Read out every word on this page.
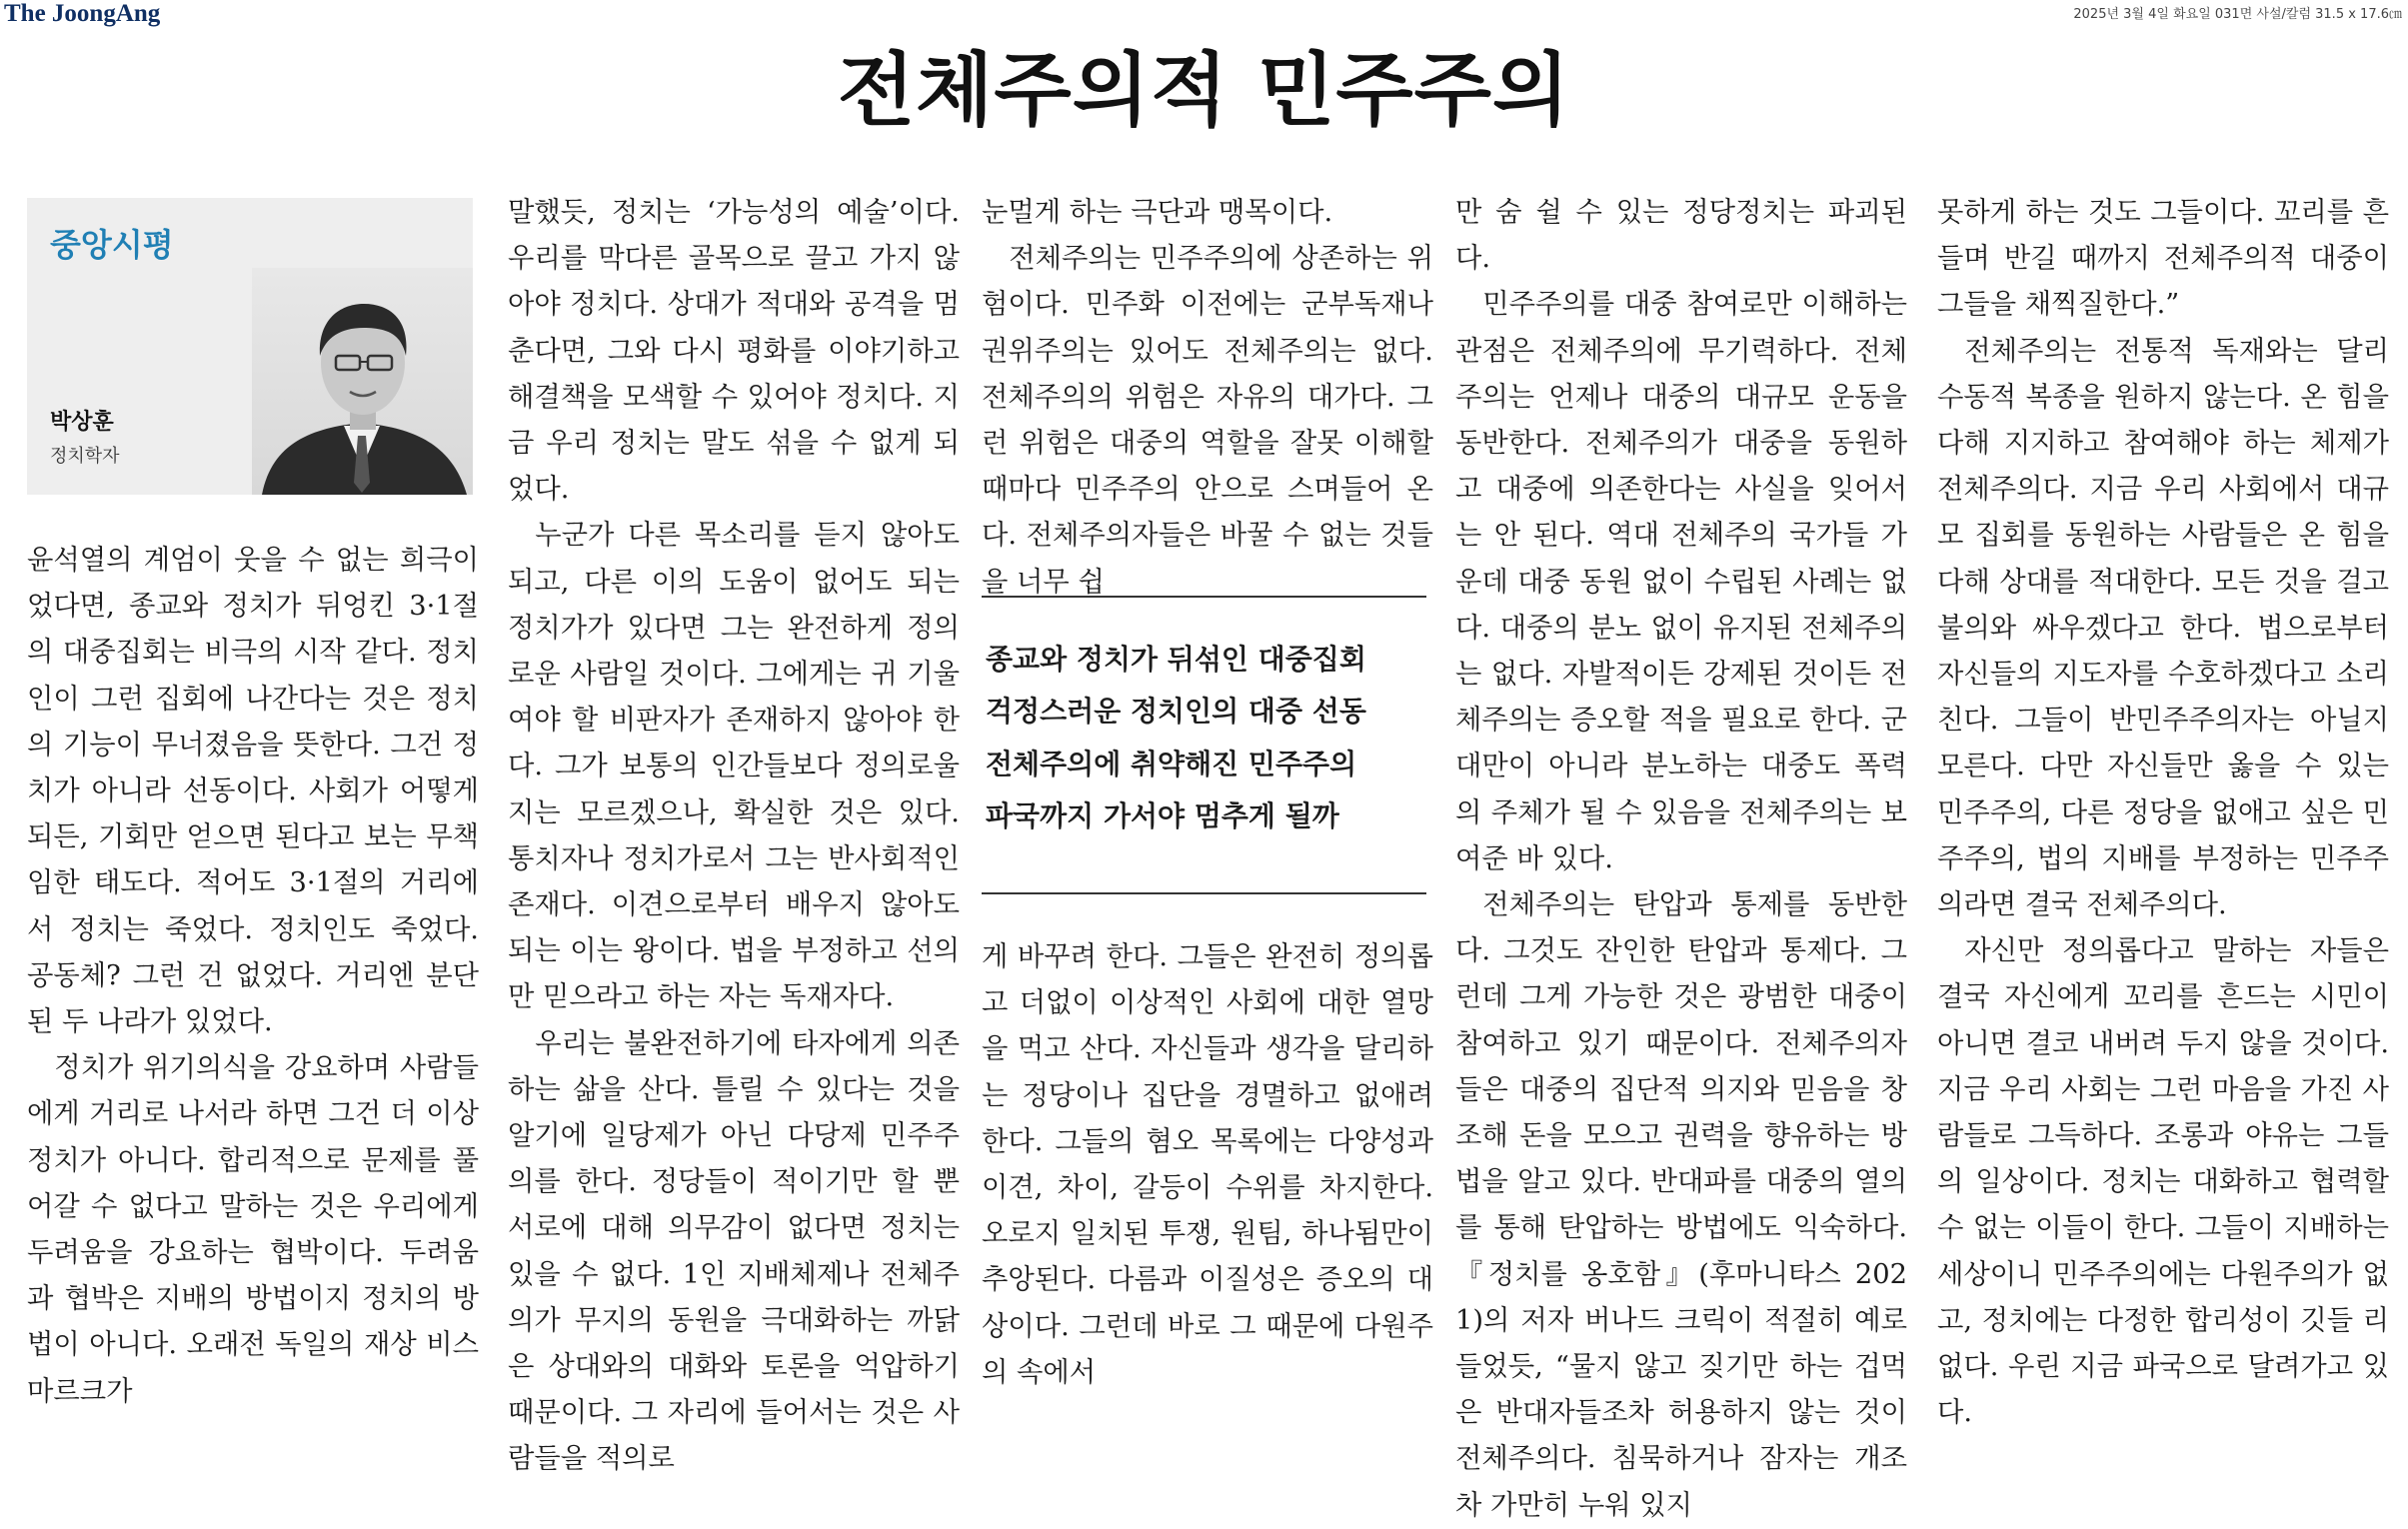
The JoongAng	2025년 3월 4일 화요일 031면 사설/칼럼 31.5 x 17.6㎝
전체주의적 민주주의
중앙시평
박상훈
정치학자

윤석열의 계엄이 웃을 수 없는 희극이었다면, 종교와 정치가 뒤엉킨 3·1절의 대중집회는 비극의 시작 같다. 정치인이 그런 집회에 나간다는 것은 정치의 기능이 무너졌음을 뜻한다. 그건 정치가 아니라 선동이다. 사회가 어떻게 되든, 기회만 얻으면 된다고 보는 무책임한 태도다. 적어도 3·1절의 거리에서 정치는 죽었다. 정치인도 죽었다. 공동체? 그런 건 없었다. 거리엔 분단된 두 나라가 있었다.

정치가 위기의식을 강요하며 사람들에게 거리로 나서라 하면 그건 더 이상 정치가 아니다. 합리적으로 문제를 풀어갈 수 없다고 말하는 것은 우리에게 두려움을 강요하는 협박이다. 두려움과 협박은 지배의 방법이지 정치의 방법이 아니다. 오래전 독일의 재상 비스마르크가

말했듯, 정치는 ‘가능성의 예술’이다. 우리를 막다른 골목으로 끌고 가지 않아야 정치다. 상대가 적대와 공격을 멈춘다면, 그와 다시 평화를 이야기하고 해결책을 모색할 수 있어야 정치다. 지금 우리 정치는 말도 섞을 수 없게 되었다.

누군가 다른 목소리를 듣지 않아도 되고, 다른 이의 도움이 없어도 되는 정치가가 있다면 그는 완전하게 정의로운 사람일 것이다. 그에게는 귀 기울여야 할 비판자가 존재하지 않아야 한다. 그가 보통의 인간들보다 정의로울지는 모르겠으나, 확실한 것은 있다. 통치자나 정치가로서 그는 반사회적인 존재다. 이견으로부터 배우지 않아도 되는 이는 왕이다. 법을 부정하고 선의만 믿으라고 하는 자는 독재자다.

우리는 불완전하기에 타자에게 의존하는 삶을 산다. 틀릴 수 있다는 것을 알기에 일당제가 아닌 다당제 민주주의를 한다. 정당들이 적이기만 할 뿐 서로에 대해 의무감이 없다면 정치는 있을 수 없다. 1인 지배체제나 전체주의가 무지의 동원을 극대화하는 까닭은 상대와의 대화와 토론을 억압하기 때문이다. 그 자리에 들어서는 것은 사람들을 적의로

눈멀게 하는 극단과 맹목이다.

전체주의는 민주주의에 상존하는 위험이다. 민주화 이전에는 군부독재나 권위주의는 있어도 전체주의는 없다. 전체주의의 위험은 자유의 대가다. 그런 위험은 대중의 역할을 잘못 이해할 때마다 민주주의 안으로 스며들어 온다. 전체주의자들은 바꿀 수 없는 것들을 너무 쉽

종교와 정치가 뒤섞인 대중집회
걱정스러운 정치인의 대중 선동
전체주의에 취약해진 민주주의
파국까지 가서야 멈추게 될까

게 바꾸려 한다. 그들은 완전히 정의롭고 더없이 이상적인 사회에 대한 열망을 먹고 산다. 자신들과 생각을 달리하는 정당이나 집단을 경멸하고 없애려 한다. 그들의 혐오 목록에는 다양성과 이견, 차이, 갈등이 수위를 차지한다. 오로지 일치된 투쟁, 원팀, 하나됨만이 추앙된다. 다름과 이질성은 증오의 대상이다. 그런데 바로 그 때문에 다원주의 속에서

만 숨 쉴 수 있는 정당정치는 파괴된다.

민주주의를 대중 참여로만 이해하는 관점은 전체주의에 무기력하다. 전체주의는 언제나 대중의 대규모 운동을 동반한다. 전체주의가 대중을 동원하고 대중에 의존한다는 사실을 잊어서는 안 된다. 역대 전체주의 국가들 가운데 대중 동원 없이 수립된 사례는 없다. 대중의 분노 없이 유지된 전체주의는 없다. 자발적이든 강제된 것이든 전체주의는 증오할 적을 필요로 한다. 군대만이 아니라 분노하는 대중도 폭력의 주체가 될 수 있음을 전체주의는 보여준 바 있다.

전체주의는 탄압과 통제를 동반한다. 그것도 잔인한 탄압과 통제다. 그런데 그게 가능한 것은 광범한 대중이 참여하고 있기 때문이다. 전체주의자들은 대중의 집단적 의지와 믿음을 창조해 돈을 모으고 권력을 향유하는 방법을 알고 있다. 반대파를 대중의 열의를 통해 탄압하는 방법에도 익숙하다. 『정치를 옹호함』(후마니타스 2021)의 저자 버나드 크릭이 적절히 예로 들었듯, “물지 않고 짖기만 하는 겁먹은 반대자들조차 허용하지 않는 것이 전체주의다. 침묵하거나 잠자는 개조차 가만히 누워 있지

못하게 하는 것도 그들이다. 꼬리를 흔들며 반길 때까지 전체주의적 대중이 그들을 채찍질한다.”

전체주의는 전통적 독재와는 달리 수동적 복종을 원하지 않는다. 온 힘을 다해 지지하고 참여해야 하는 체제가 전체주의다. 지금 우리 사회에서 대규모 집회를 동원하는 사람들은 온 힘을 다해 상대를 적대한다. 모든 것을 걸고 불의와 싸우겠다고 한다. 법으로부터 자신들의 지도자를 수호하겠다고 소리친다. 그들이 반민주주의자는 아닐지 모른다. 다만 자신들만 옳을 수 있는 민주주의, 다른 정당을 없애고 싶은 민주주의, 법의 지배를 부정하는 민주주의라면 결국 전체주의다.

자신만 정의롭다고 말하는 자들은 결국 자신에게 꼬리를 흔드는 시민이 아니면 결코 내버려 두지 않을 것이다. 지금 우리 사회는 그런 마음을 가진 사람들로 그득하다. 조롱과 야유는 그들의 일상이다. 정치는 대화하고 협력할 수 없는 이들이 한다. 그들이 지배하는 세상이니 민주주의에는 다원주의가 없고, 정치에는 다정한 합리성이 깃들 리 없다. 우린 지금 파국으로 달려가고 있다.
